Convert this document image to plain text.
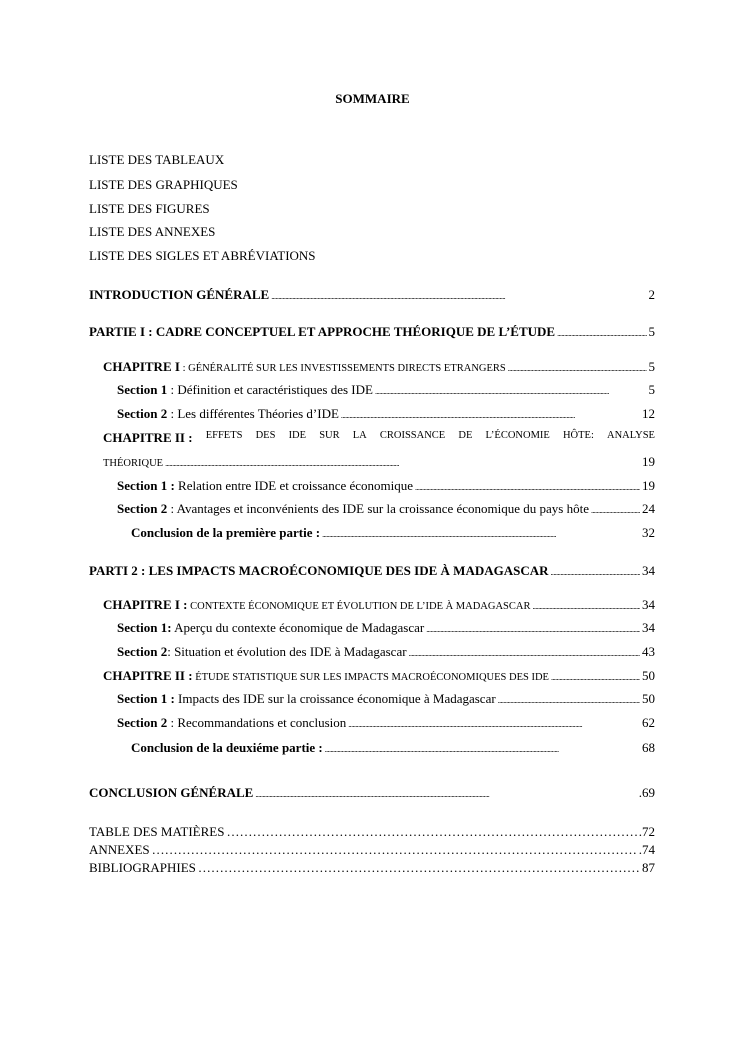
SOMMAIRE
LISTE DES TABLEAUX
LISTE DES GRAPHIQUES
LISTE DES FIGURES
LISTE DES ANNEXES
LISTE DES SIGLES ET ABRÉVIATIONS
INTRODUCTION GÉNÉRALE . . .	2
PARTIE I : CADRE CONCEPTUEL ET APPROCHE THÉORIQUE DE L’ÉTUDE . . .	5
CHAPITRE I : GÉNÉRALITÉ SUR LES INVESTISSEMENTS DIRECTS ETRANGERS . . .	5
Section 1 : Définition et caractéristiques des IDE . . .	5
Section 2 : Les différentes Théories d’IDE . . .	12
CHAPITRE II : EFFETS DES IDE SUR LA CROISSANCE DE L’ÉCONOMIE HÔTE: ANALYSE
THÉORIQUE . . .	19
Section 1 : Relation entre IDE et croissance économique . . .	19
Section 2 : Avantages et inconvénients des IDE sur la croissance économique du pays hôte . . .	24
Conclusion de la première partie : . . .	32
PARTI 2 : LES IMPACTS MACROÉCONOMIQUE DES IDE À MADAGASCAR . . .	34
CHAPITRE I : CONTEXTE ÉCONOMIQUE ET ÉVOLUTION DE L’IDE À MADAGASCAR . . .	34
Section 1: Aperçu du contexte économique de Madagascar . . .	34
Section 2: Situation et évolution des IDE à Madagascar . . .	43
CHAPITRE II : ÉTUDE STATISTIQUE SUR LES IMPACTS MACROÉCONOMIQUES DES IDE . . .	50
Section 1 : Impacts des IDE sur la croissance économique à Madagascar . . .	50
Section 2 : Recommandations et conclusion . . .	62
Conclusion de la deuxiéme partie : . . .	68
CONCLUSION GÉNÉRALE . . .	.69
TABLE DES MATIÈRES ……………………………………………………………………………………………………………………………………………………………………………	.72
ANNEXES ……………………………………………………………………………………………………………………………………………………………………………	.74
BIBLIOGRAPHIES ……………………………………………………………………………………………………………………………………………………………………………	87
